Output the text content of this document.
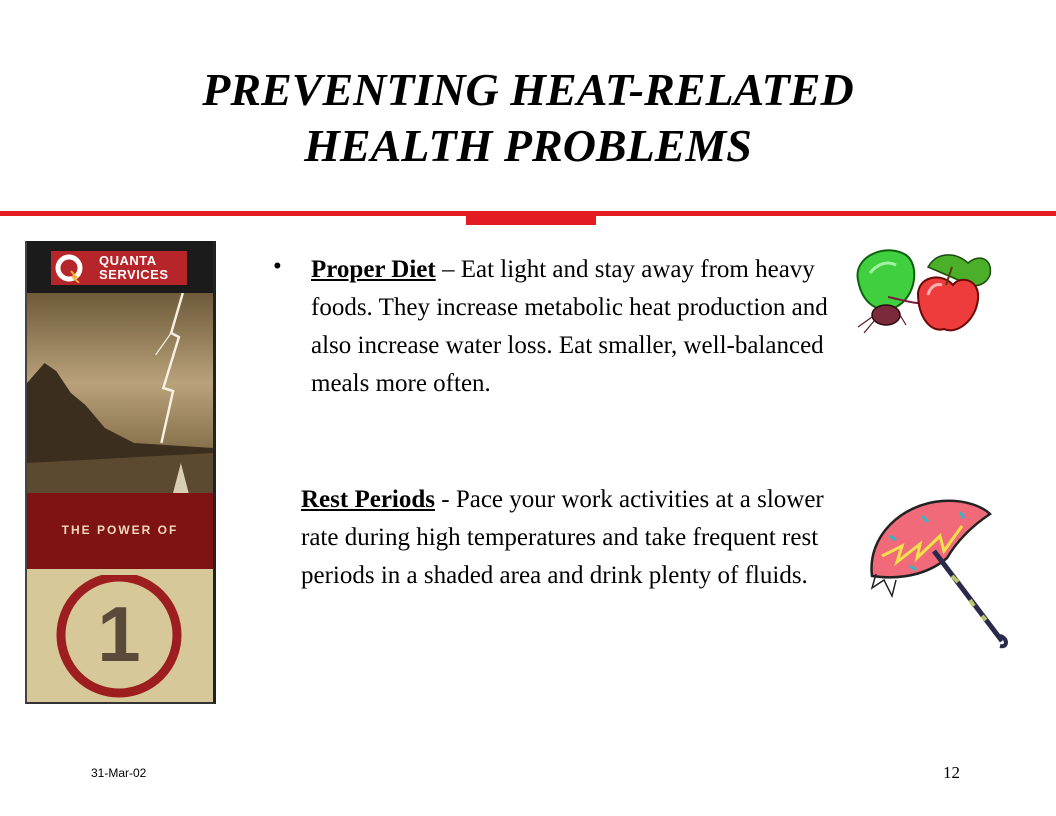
PREVENTING HEAT-RELATED
HEALTH PROBLEMS
QUANTA
SERVICES
THE POWER OF
1
• Proper Diet – Eat light and stay away from heavy foods. They increase metabolic heat production and also increase water loss. Eat smaller, well-balanced meals more often.
Rest Periods - Pace your work activities at a slower rate during high temperatures and take frequent rest periods in a shaded area and drink plenty of fluids.
31-Mar-02	12
